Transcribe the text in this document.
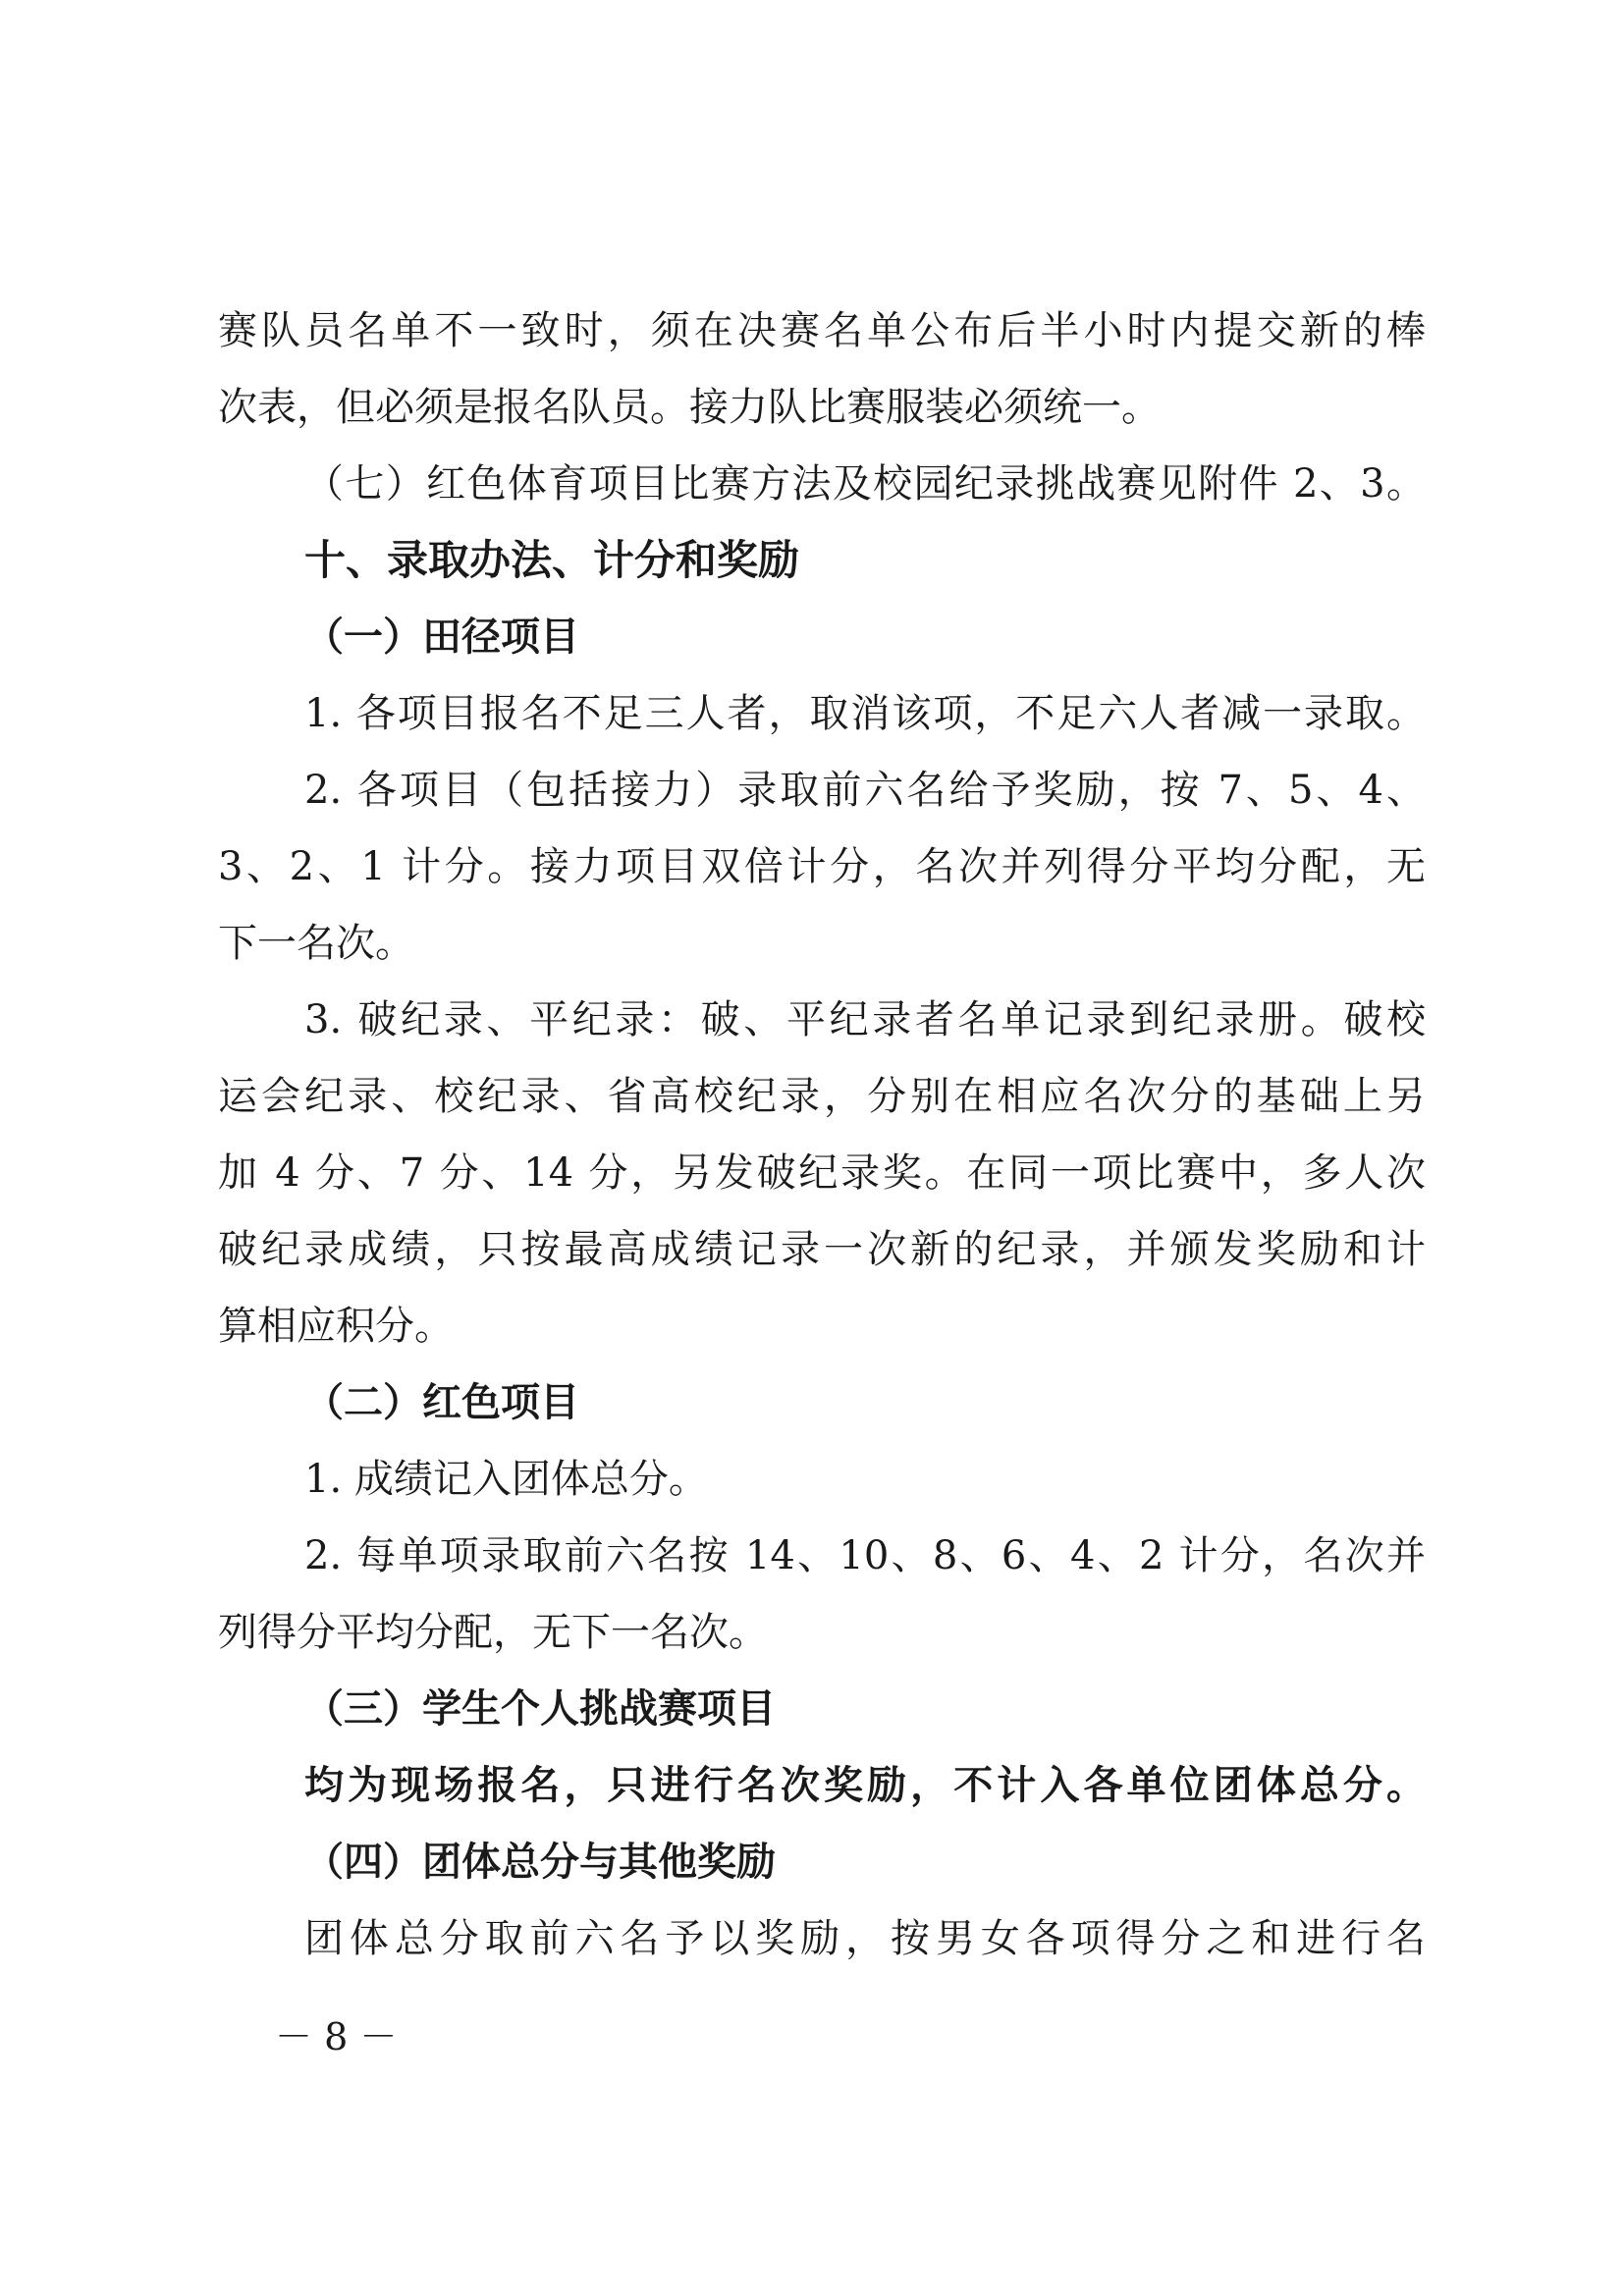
赛队员名单不一致时，须在决赛名单公布后半小时内提交新的棒
次表，但必须是报名队员。接力队比赛服装必须统一。
（七）红色体育项目比赛方法及校园纪录挑战赛见附件 2、3。
十、录取办法、计分和奖励
（一）田径项目
1. 各项目报名不足三人者，取消该项，不足六人者减一录取。
2. 各项目（包括接力）录取前六名给予奖励，按 7、5、4、
3、2、1 计分。接力项目双倍计分，名次并列得分平均分配，无
下一名次。
3. 破纪录、平纪录：破、平纪录者名单记录到纪录册。破校
运会纪录、校纪录、省高校纪录，分别在相应名次分的基础上另
加 4 分、7 分、14 分，另发破纪录奖。在同一项比赛中，多人次
破纪录成绩，只按最高成绩记录一次新的纪录，并颁发奖励和计
算相应积分。
（二）红色项目
1. 成绩记入团体总分。
2. 每单项录取前六名按 14、10、8、6、4、2 计分，名次并
列得分平均分配，无下一名次。
（三）学生个人挑战赛项目
均为现场报名，只进行名次奖励，不计入各单位团体总分。
（四）团体总分与其他奖励
团体总分取前六名予以奖励，按男女各项得分之和进行名
－ 8 －
